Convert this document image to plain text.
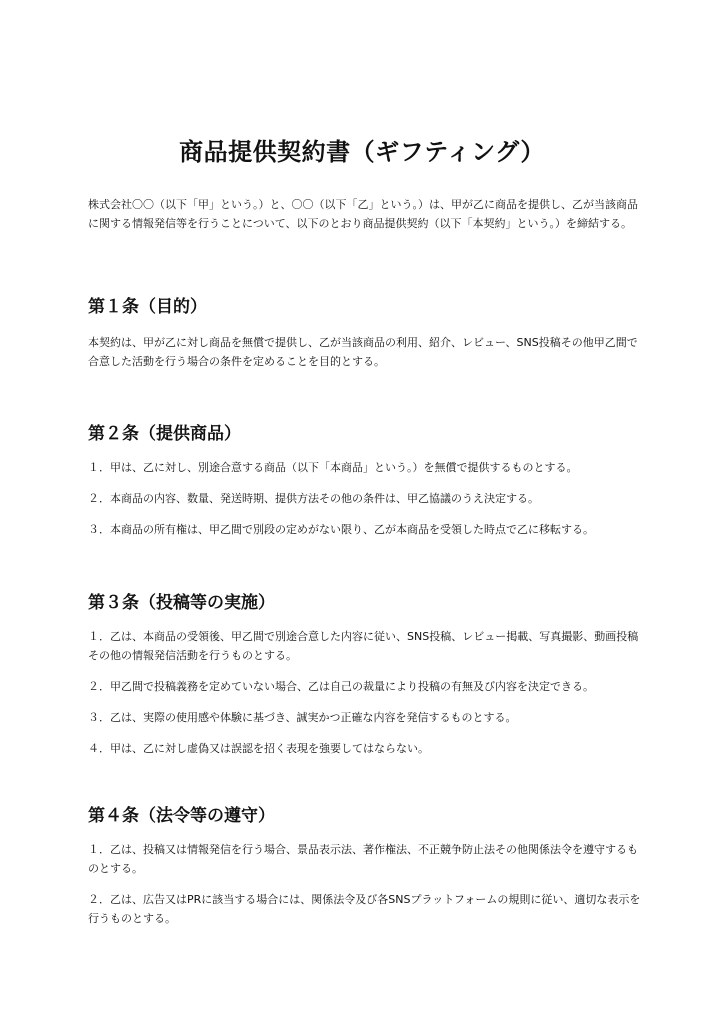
商品提供契約書（ギフティング）

株式会社〇〇（以下「甲」という。）と、〇〇（以下「乙」という。）は、甲が乙に商品を提供し、乙が当該商品に関する情報発信等を行うことについて、以下のとおり商品提供契約（以下「本契約」という。）を締結する。

第１条（目的）

本契約は、甲が乙に対し商品を無償で提供し、乙が当該商品の利用、紹介、レビュー、SNS投稿その他甲乙間で合意した活動を行う場合の条件を定めることを目的とする。

第２条（提供商品）

１．甲は、乙に対し、別途合意する商品（以下「本商品」という。）を無償で提供するものとする。

２．本商品の内容、数量、発送時期、提供方法その他の条件は、甲乙協議のうえ決定する。

３．本商品の所有権は、甲乙間で別段の定めがない限り、乙が本商品を受領した時点で乙に移転する。

第３条（投稿等の実施）

１．乙は、本商品の受領後、甲乙間で別途合意した内容に従い、SNS投稿、レビュー掲載、写真撮影、動画投稿その他の情報発信活動を行うものとする。

２．甲乙間で投稿義務を定めていない場合、乙は自己の裁量により投稿の有無及び内容を決定できる。

３．乙は、実際の使用感や体験に基づき、誠実かつ正確な内容を発信するものとする。

４．甲は、乙に対し虚偽又は誤認を招く表現を強要してはならない。

第４条（法令等の遵守）

１．乙は、投稿又は情報発信を行う場合、景品表示法、著作権法、不正競争防止法その他関係法令を遵守するものとする。

２．乙は、広告又はPRに該当する場合には、関係法令及び各SNSプラットフォームの規則に従い、適切な表示を行うものとする。
